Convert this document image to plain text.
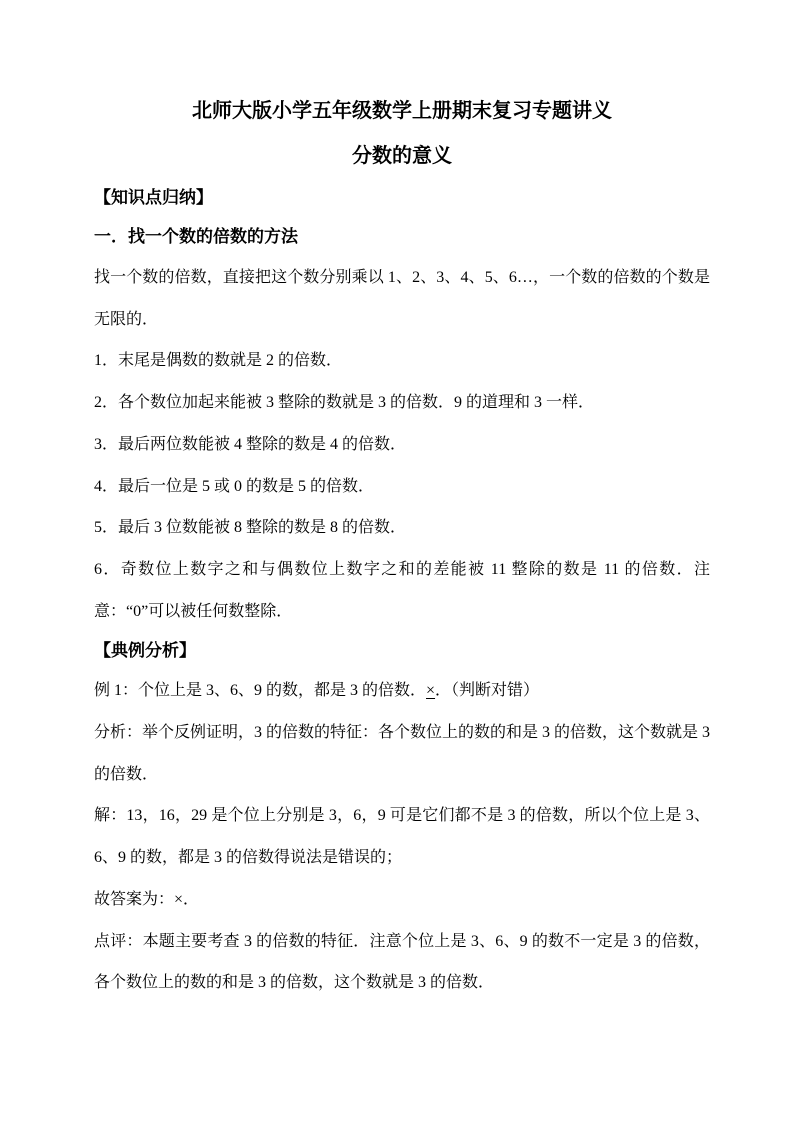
北师大版小学五年级数学上册期末复习专题讲义
分数的意义
【知识点归纳】
一．找一个数的倍数的方法

找一个数的倍数，直接把这个数分别乘以 1、2、3、4、5、6…，一个数的倍数的个数是无限的．

1．末尾是偶数的数就是 2 的倍数．

2．各个数位加起来能被 3 整除的数就是 3 的倍数．9 的道理和 3 一样．

3．最后两位数能被 4 整除的数是 4 的倍数．

4．最后一位是 5 或 0 的数是 5 的倍数．

5．最后 3 位数能被 8 整除的数是 8 的倍数．

6．奇数位上数字之和与偶数位上数字之和的差能被 11 整除的数是 11 的倍数．注意：“0”可以被任何数整除．

【典例分析】

例 1：个位上是 3、6、9 的数，都是 3 的倍数．×．（判断对错）

分析：举个反例证明，3 的倍数的特征：各个数位上的数的和是 3 的倍数，这个数就是 3 的倍数．

解：13，16，29 是个位上分别是 3，6，9 可是它们都不是 3 的倍数，所以个位上是 3、6、9 的数，都是 3 的倍数得说法是错误的；

故答案为：×．

点评：本题主要考查 3 的倍数的特征．注意个位上是 3、6、9 的数不一定是 3 的倍数，各个数位上的数的和是 3 的倍数，这个数就是 3 的倍数．
